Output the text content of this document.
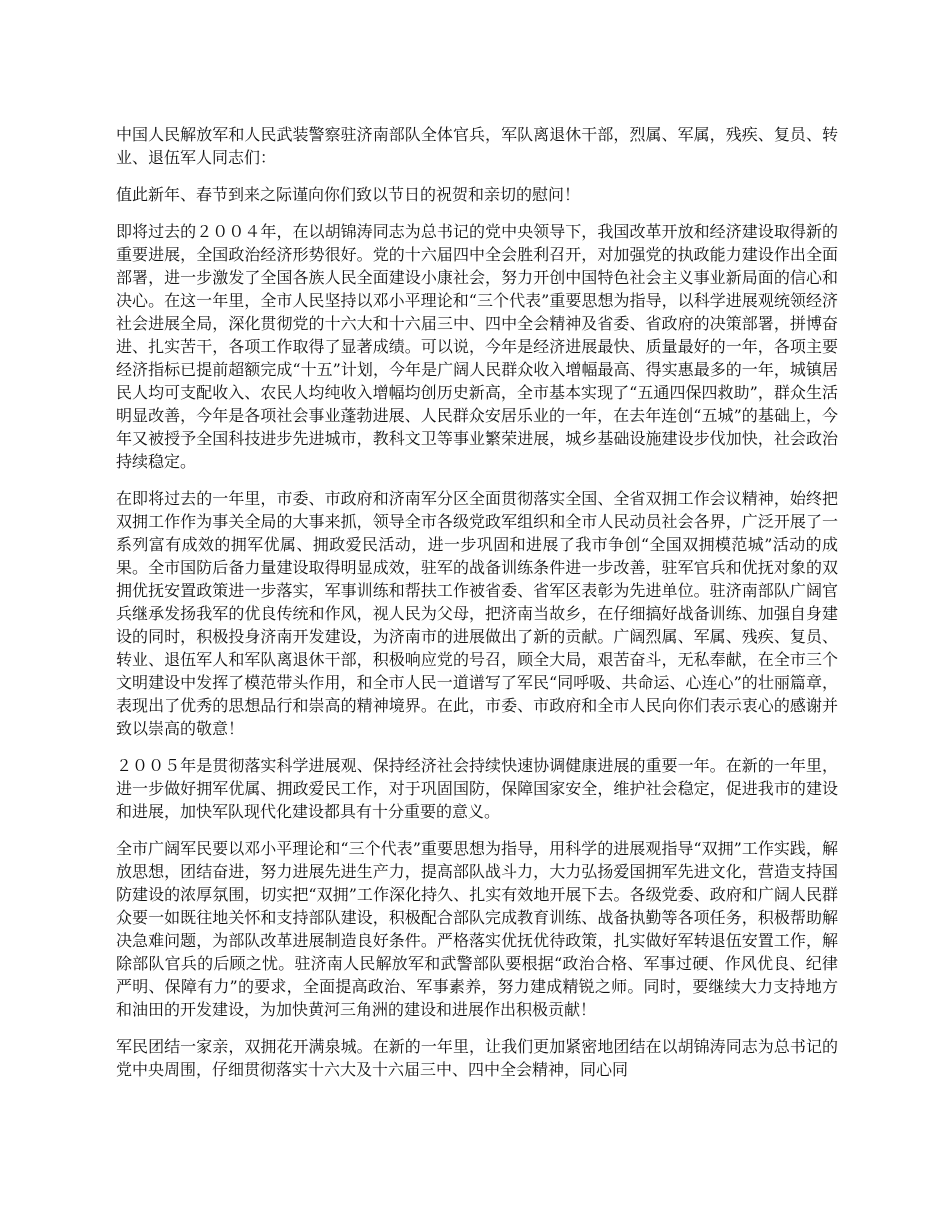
中国人民解放军和人民武装警察驻济南部队全体官兵，军队离退休干部，烈属、军属，残疾、复员、转业、退伍军人同志们：

值此新年、春节到来之际谨向你们致以节日的祝贺和亲切的慰问！

即将过去的２００４年，在以胡锦涛同志为总书记的党中央领导下，我国改革开放和经济建设取得新的重要进展，全国政治经济形势很好。党的十六届四中全会胜利召开，对加强党的执政能力建设作出全面部署，进一步激发了全国各族人民全面建设小康社会，努力开创中国特色社会主义事业新局面的信心和决心。在这一年里，全市人民坚持以邓小平理论和“三个代表”重要思想为指导，以科学进展观统领经济社会进展全局，深化贯彻党的十六大和十六届三中、四中全会精神及省委、省政府的决策部署，拼博奋进、扎实苦干，各项工作取得了显著成绩。可以说，今年是经济进展最快、质量最好的一年，各项主要经济指标已提前超额完成“十五”计划，今年是广阔人民群众收入增幅最高、得实惠最多的一年，城镇居民人均可支配收入、农民人均纯收入增幅均创历史新高，全市基本实现了“五通四保四救助”，群众生活明显改善，今年是各项社会事业蓬勃进展、人民群众安居乐业的一年，在去年连创“五城”的基础上，今年又被授予全国科技进步先进城市，教科文卫等事业繁荣进展，城乡基础设施建设步伐加快，社会政治持续稳定。

在即将过去的一年里，市委、市政府和济南军分区全面贯彻落实全国、全省双拥工作会议精神，始终把双拥工作作为事关全局的大事来抓，领导全市各级党政军组织和全市人民动员社会各界，广泛开展了一系列富有成效的拥军优属、拥政爱民活动，进一步巩固和进展了我市争创“全国双拥模范城”活动的成果。全市国防后备力量建设取得明显成效，驻军的战备训练条件进一步改善，驻军官兵和优抚对象的双拥优抚安置政策进一步落实，军事训练和帮扶工作被省委、省军区表彰为先进单位。驻济南部队广阔官兵继承发扬我军的优良传统和作风，视人民为父母，把济南当故乡，在仔细搞好战备训练、加强自身建设的同时，积极投身济南开发建设，为济南市的进展做出了新的贡献。广阔烈属、军属、残疾、复员、转业、退伍军人和军队离退休干部，积极响应党的号召，顾全大局，艰苦奋斗，无私奉献，在全市三个文明建设中发挥了模范带头作用，和全市人民一道谱写了军民“同呼吸、共命运、心连心”的壮丽篇章，表现出了优秀的思想品行和崇高的精神境界。在此，市委、市政府和全市人民向你们表示衷心的感谢并致以崇高的敬意！

２００５年是贯彻落实科学进展观、保持经济社会持续快速协调健康进展的重要一年。在新的一年里，进一步做好拥军优属、拥政爱民工作，对于巩固国防，保障国家安全，维护社会稳定，促进我市的建设和进展，加快军队现代化建设都具有十分重要的意义。

全市广阔军民要以邓小平理论和“三个代表”重要思想为指导，用科学的进展观指导“双拥”工作实践，解放思想，团结奋进，努力进展先进生产力，提高部队战斗力，大力弘扬爱国拥军先进文化，营造支持国防建设的浓厚氛围，切实把“双拥”工作深化持久、扎实有效地开展下去。各级党委、政府和广阔人民群众要一如既往地关怀和支持部队建设，积极配合部队完成教育训练、战备执勤等各项任务，积极帮助解决急难问题，为部队改革进展制造良好条件。严格落实优抚优待政策，扎实做好军转退伍安置工作，解除部队官兵的后顾之忧。驻济南人民解放军和武警部队要根据“政治合格、军事过硬、作风优良、纪律严明、保障有力”的要求，全面提高政治、军事素养，努力建成精锐之师。同时，要继续大力支持地方和油田的开发建设，为加快黄河三角洲的建设和进展作出积极贡献！

军民团结一家亲，双拥花开满泉城。在新的一年里，让我们更加紧密地团结在以胡锦涛同志为总书记的党中央周围，仔细贯彻落实十六大及十六届三中、四中全会精神，同心同
